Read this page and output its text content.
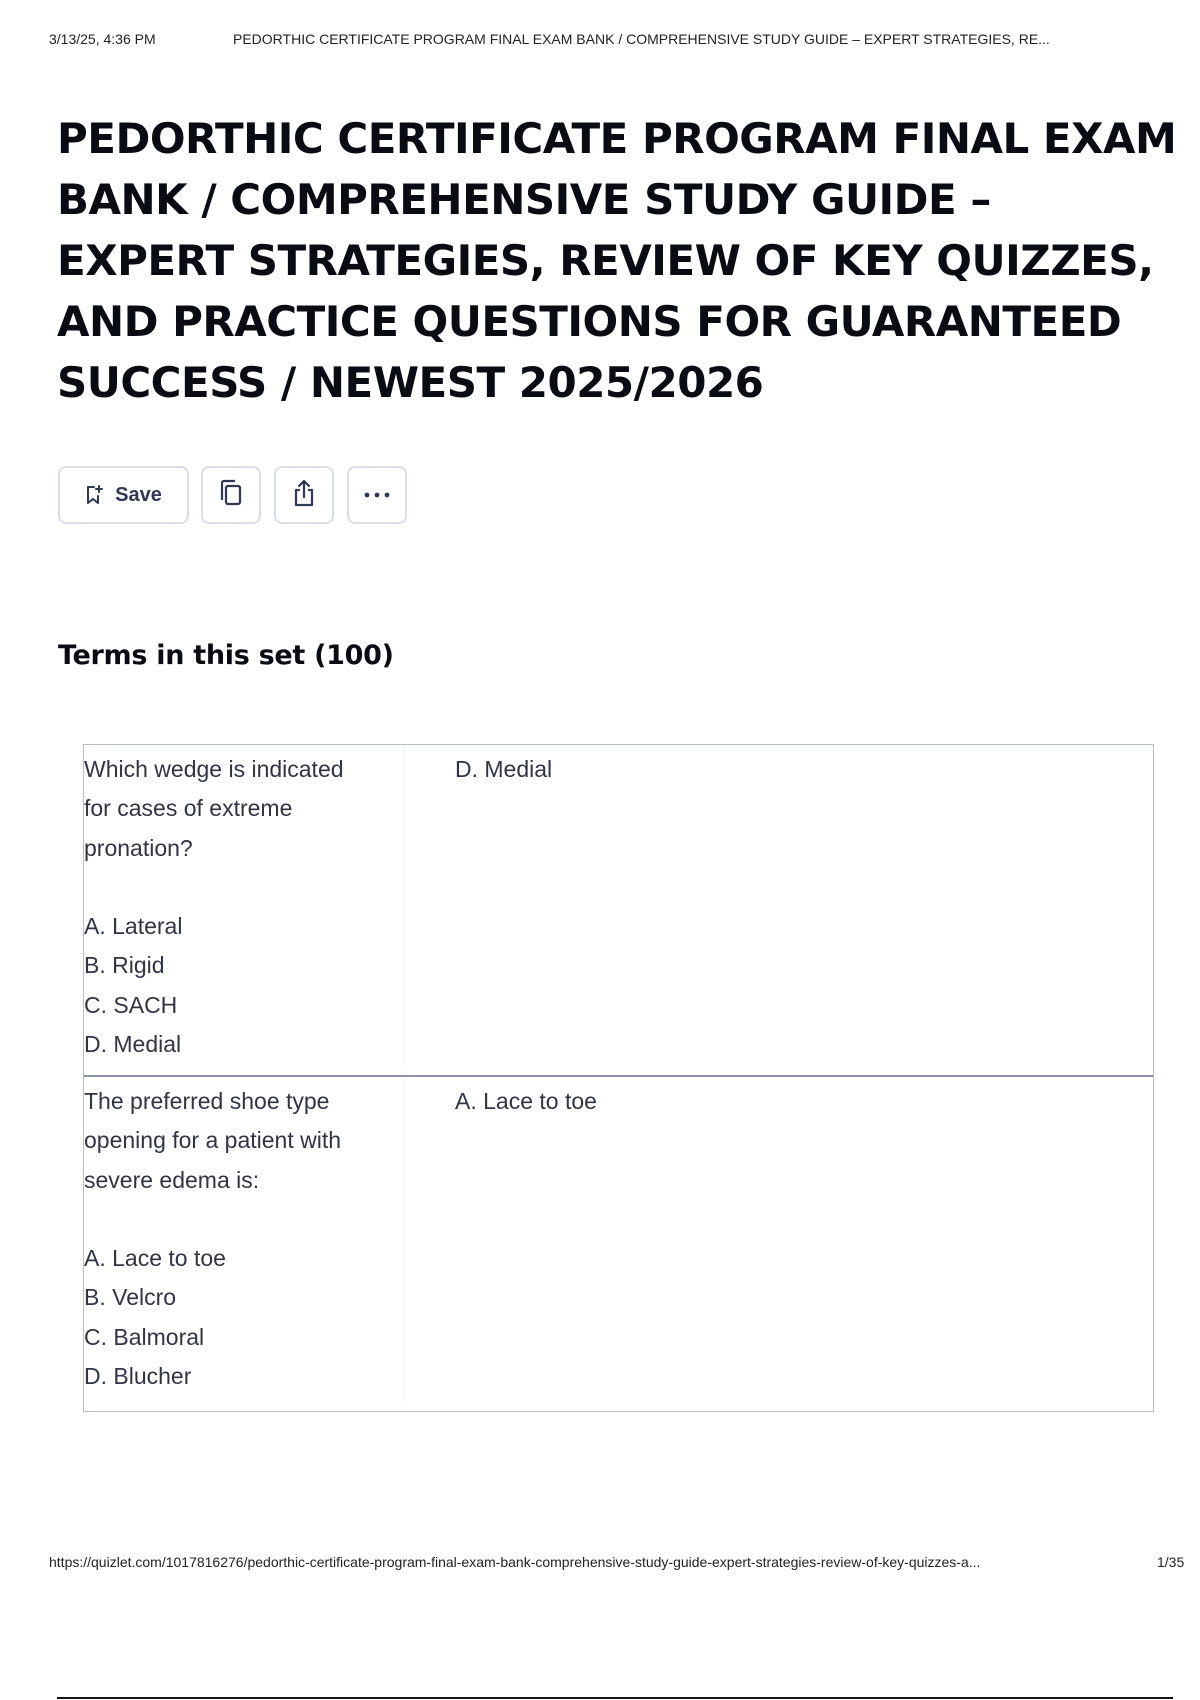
3/13/25, 4:36 PM	PEDORTHIC CERTIFICATE PROGRAM FINAL EXAM BANK / COMPREHENSIVE STUDY GUIDE – EXPERT STRATEGIES, RE...
PEDORTHIC CERTIFICATE PROGRAM FINAL EXAM BANK / COMPREHENSIVE STUDY GUIDE – EXPERT STRATEGIES, REVIEW OF KEY QUIZZES, AND PRACTICE QUESTIONS FOR GUARANTEED SUCCESS / NEWEST 2025/2026
Save
Terms in this set (100)
Which wedge is indicated
for cases of extreme
pronation?

A. Lateral
B. Rigid
C. SACH
D. Medial
D. Medial
The preferred shoe type
opening for a patient with
severe edema is:

A. Lace to toe
B. Velcro
C. Balmoral
D. Blucher
A. Lace to toe
https://quizlet.com/1017816276/pedorthic-certificate-program-final-exam-bank-comprehensive-study-guide-expert-strategies-review-of-key-quizzes-a...	1/35
